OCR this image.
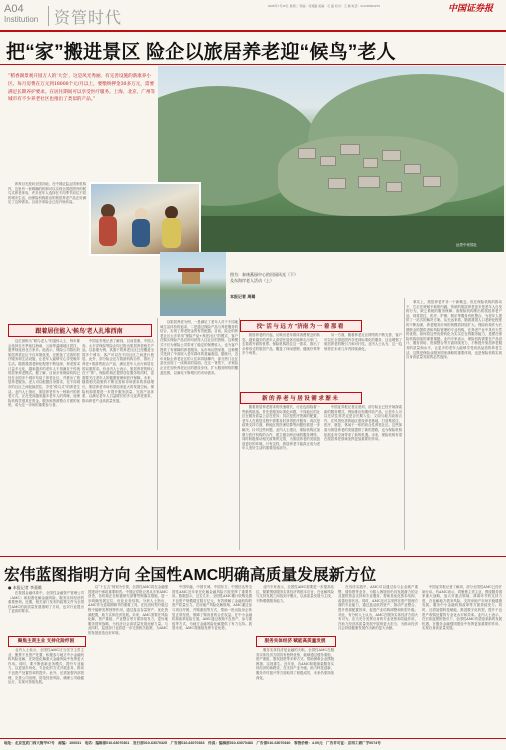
A04
Institution 资管时代
2025年7月15日 星期二 责编：何道路 美编：石 磊 校对：王 楠 电话：010-58003279	中国证券报
把“家”搬进景区 险企以旅居养老迎“候鸟”老人
“稻香湖景观开园万人的‘大会’，这是风光秀丽、有完善设施的新康养小区。每月房费在万元到18000个元/月以上，要缴纳押金30多万元，需要满足长期养护要求。在居住期间可以享受医疗服务。上海、北京、广州等城市有不少养老社区也推出了类似的产品。”
远景中家园社
图为：泰康燕园中心的田园风光（下）及东海岸老人活动（上）
本报记者 周璐
　　养养目光投向全国各地，在中国证监会国家机构内，这里有一套明确的机制可以实现全国范围内的候鸟式养老体验，许多老年人选择在不同季节前往不同的城市生活，而保险机构推出的旅居养老产品正好满足了这种需求。目前多家险企已经开始布局。
跟着居住能入‘候鸟’老人扎堆西南
　　这位被称为“候鸟老人”的退休人士，每年都会选择在冬季前往海南、云南等温暖地区居住，夏季则返回北方家乡。他表示，保险公司推出的旅居养老社区不仅环境优美，还配备了完善的医疗服务和生活设施，让老年人能够安心享受晚年生活。随着我国老龄化程度不断加深，养老需求日益多元化，越来越多的老年人不再满足于传统的居家养老模式。据了解，目前多家保险机构已经在全国多个城市布局了养老社区，并推出了旅居养老服务。老人可以根据自身需求，在不同城市的社区之间轮换居住，享受“候鸟式”的养老生活。业内人士指出，旅居养老作为一种新兴的养老方式，正在受到越来越多老年人的青睐，而保险机构凭借其在资金、服务和资源整合方面的优势，成为这一市场的重要参与者。
　　中国证券报记者了解到，目前泰康、中国人寿、太平洋保险等险企均已推出旅居养老相关产品。以泰康为例，其旗下的养老社区已经覆盖全国多个城市，客户可以在不同社区之间进行旅居。此外，部分险企还与旅游机构合作，推出了养老+旅游的组合产品，满足老年人出行和居住的双重需求。有业内人士表示，旅居养老的核心在于“养”，保险机构在提供居住服务的同时，更需要关注老年人的健康管理和医疗保障。未来，随着相关政策的不断完善和市场需求的持续增长，旅居养老市场有望迎来更大的发展空间。保险机构需要进一步提升服务质量，完善产品体系，以满足老年人日益增长的多元化养老需求，推动养老产业高质量发展。
　　以旅居养老为例，一是满足了老年人对于不同地域生活体验的追求，二是通过保险产品与养老服务的结合，实现了养老资金的有效配置。目前，险企的养老社区大多采用“保险产品+养老社区”的模式，客户在购买保险产品后即可获得入住社区的资格。这种模式不仅为保险公司带来了稳定的保费收入，也为客户提供了有保障的养老服务。从市场反馈来看，这种模式受到了中高收入老年群体的普遍欢迎。据统计，近年来险企养老社区的入住率持续攀升，部分热门社区甚至出现了一床难求的局面。在这一背景下，多家险企正在加快养老社区的建设步伐，扩大服务网络的覆盖范围，以满足不断增长的市场需求。
找“ 活 与 远 方 ”济南 为 一 着 那 看
　　旅居养老的兴起，反映出老年群体消费观念的转变。越来越多的老年人希望在退休后能够走出家门，去看看外面的世界。保险机构抓住这一需求，推出了多种形式的旅居产品，覆盖了休闲度假、健康疗养等多个场景。
　　另一方面，随着养老社区网络的不断完善，客户可以在全国范围内享受到标准化的服务，这也增强了旅居养老的吸引力和可行性。业内人士认为，这一趋势将在未来几年内持续深化。
新 的 养 老 与 居 设 需 求 渐 未
　　随着旅居养老需求的快速增长，行业也面临着一些新的挑战。首先是服务标准化问题，不同地区的社区在服务质量上存在差异；其次是医疗资源的配置，老年人在旅居过程中需要及时获得医疗服务；再次是政策支持方面，跨地区的医保结算等问题仍需进一步解决。针对这些问题，业内人士建议，保险机构应加强与医疗机构的合作，建立健全跨区域的服务网络，同时积极推动相关政策的完善，为旅居养老的发展创造更好的环境。只有这样，旅居养老才能真正成为老年人美好生活的重要组成部分。
　　中国证券报记者注意到，部分险企已经开始探索新的服务模式，例如推出短期体验产品，让老年人可以先试住再决定是否长期入住；又如与地方政府合作，在风景优美的地区建设养老基地，打造集居住、医疗、康复、休闲于一体的综合性养老社区。这些探索为旅居养老的发展提供了新的思路，也为保险机构拓展业务空间带来了新的机遇。未来，保险机构有望在旅居养老领域发挥更加重要的作用。
　　事实上，旅居养老并非一个新概念，但在保险机构的推动下，它正在被赋予新的内涵。传统的旅居养老更多是老年人自发的行为，缺乏系统的服务保障；而保险机构推出的旅居养老产品，则将居住、医疗、护理、娱乐等服务有机整合，为老年人提供了一站式的解决方案。从长远来看，随着我国人口老龄化程度的不断加深，养老服务市场的规模将持续扩大。保险机构作为长期资金的提供者和风险管理的专业机构，在养老产业中具有天然的优势。如何将这些优势转化为实实在在的服务能力，是摆在保险机构面前的重要课题。业内专家表示，保险机构需要在产品设计、服务供给、资源整合等方面持续发力，不断提升旅居养老服务的质量和水平，让更多的老年人能够享受到高品质的养老生活，这既是保险业服务国家战略的重要体现，也是保险机构实现自身高质量发展的必然选择。
宏伟蓝图指明方向 全国性AMC明确高质量发展新方位
● 本报记者 李嘉维
　　在我国金融体系中，全国性金融资产管理公司（AMC）承担着化解金融风险、服务实体经济的重要使命。近期，相关部门发布的政策文件为全国性AMC的高质量发展指明了方向，也对行业提出了更高的要求。
聚焦主责主业 支持化险纾困
　　业内人士表示，全国性AMC应当坚守主责主业，聚焦不良资产处置，积极参与地方中小金融机构风险化解，在防范化解重大金融风险中发挥更大作用。同时，要不断创新业务模式，提升专业能力，以更加市场化、专业化的方式开展业务，推动不良资产处置效率的提升。此外，还需加强内部管理，完善公司治理，防范经营风险，确保公司稳健运行，实现可持续发展。
　　以“十五五”规划为引领，全国性AMC将在金融强国建设中承担重要职责。中国证券报记者从多家AMC获悉，各机构正在积极研究部署贯彻落实措施，进一步明确发展定位，优化业务结构。分析人士指出，AMC作为逆周期调节的重要工具，在经济转型升级过程中能够发挥独特作用，通过盘活存量资产、优化资源配置，助力实体经济发展。未来，AMC需要在风险化解、资产重组、产业整合等方面持续发力，更好地服务国家战略，为经济社会高质量发展贡献力量。与此同时，监管部门也将进一步完善相关政策，为AMC的发展营造良好环境。
　　中国华融、中国长城、中国东方、中国信达等全国性AMC近年来在化解金融风险方面发挥了重要作用。数据显示，过去几年，全国性AMC累计收购处置不良资产规模超过数万亿元，有效缓解了金融机构的资产质量压力。在房地产风险化解领域，AMC通过参与项目纾困、并购重组等方式，帮助一批出险房企恢复正常经营，保障了购房者的合法权益。在中小金融机构改革化险方面，AMC通过收购不良资产、参与重组等方式，为地方金融风险化解提供了有力支持。展望未来，AMC将继续发挥专业优势。
　　业内专家表示，全国性AMC需要进一步提高站位，紧紧围绕服务实体经济的根本宗旨，在化解风险与支持发展之间找到平衡点，以高质量发展为主线，不断增强服务能力。
服务实体经济 赋能高质量发展
　　服务实体经济是金融的天职。全国性AMC在服务实体经济方面具有独特优势，能够通过债务重组、资产重组、股权投资等多种方式，帮助困难企业摆脱困境、实现重生。近年来，各AMC积极探索服务实体经济的新路径，在支持产业升级、助力科技创新、服务乡村振兴等方面取得了积极成效，未来仍需持续深化。
　　在具体实践中，AMC可以通过参与企业破产重整、债转股等业务，为陷入困境但仍具发展潜力的企业提供资金支持和专业服务，帮助其优化资本结构、改善经营状况。同时，AMC还可以发挥在资产管理方面的专业能力，通过盘活低效资产、推动产业整合，提升资源配置效率，促进产业结构调整和转型升级。对此，有分析人士认为，AMC在服务实体经济方面大有可为，应当充分发挥自身的专业优势和功能作用，在助力经济高质量发展中展现更大担当，为推动经济社会持续健康发展作出新的更大贡献。
　　中国证券报记者了解到，部分全国性AMC已经开始行动。有AMC表示，将聚焦主责主业，围绕服务国家重大战略，加大对重点领域、薄弱环节的支持力度，在化解地方债务风险、支持房地产市场平稳健康发展、服务中小金融机构改革等方面持续发力。同时，还将加强科技赋能，推进数字化转型，提升不良资产收购处置的专业化水平和效率。业内人士表示，在宏伟蓝图的指引下，全国性AMC有望迎来新的发展机遇，在服务金融强国建设中发挥更加重要的作用，实现自身高质量发展。
地址：北京宣武门西大街甲97号　邮编：100031　电话：编辑部010-63070361　发行部010-63070325　广告部010-63070363　传真：编辑部010-63070483　广告部010-63070340　零售价格：4.00元　广告许可证：京西工商广字0074号
